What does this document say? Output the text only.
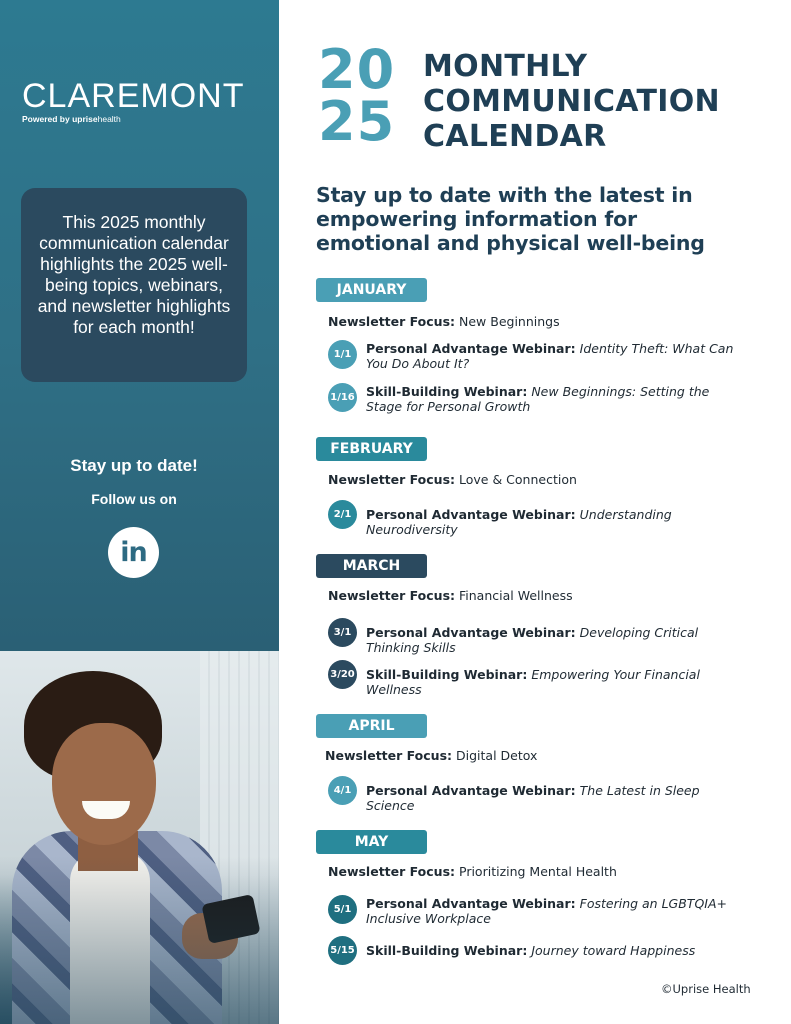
CLAREMONT
Powered by uprisehealth
This 2025 monthly communication calendar highlights the 2025 well-being topics, webinars, and newsletter highlights for each month!
Stay up to date!
Follow us on
in
20
25
MONTHLY
COMMUNICATION
CALENDAR
Stay up to date with the latest in empowering information for emotional and physical well-being
JANUARY
Newsletter Focus: New Beginnings
1/1	Personal Advantage Webinar: Identity Theft: What Can You Do About It?
1/16 Skill-Building Webinar: New Beginnings: Setting the Stage for Personal Growth
FEBRUARY
Newsletter Focus: Love & Connection
2/1	Personal Advantage Webinar: Understanding Neurodiversity
MARCH
Newsletter Focus: Financial Wellness
3/1	Personal Advantage Webinar: Developing Critical Thinking Skills
3/20 Skill-Building Webinar: Empowering Your Financial Wellness
APRIL
Newsletter Focus: Digital Detox
4/1	Personal Advantage Webinar: The Latest in Sleep Science
MAY
Newsletter Focus: Prioritizing Mental Health
5/1	Personal Advantage Webinar: Fostering an LGBTQIA+ Inclusive Workplace
5/15 Skill-Building Webinar: Journey toward Happiness
©Uprise Health
